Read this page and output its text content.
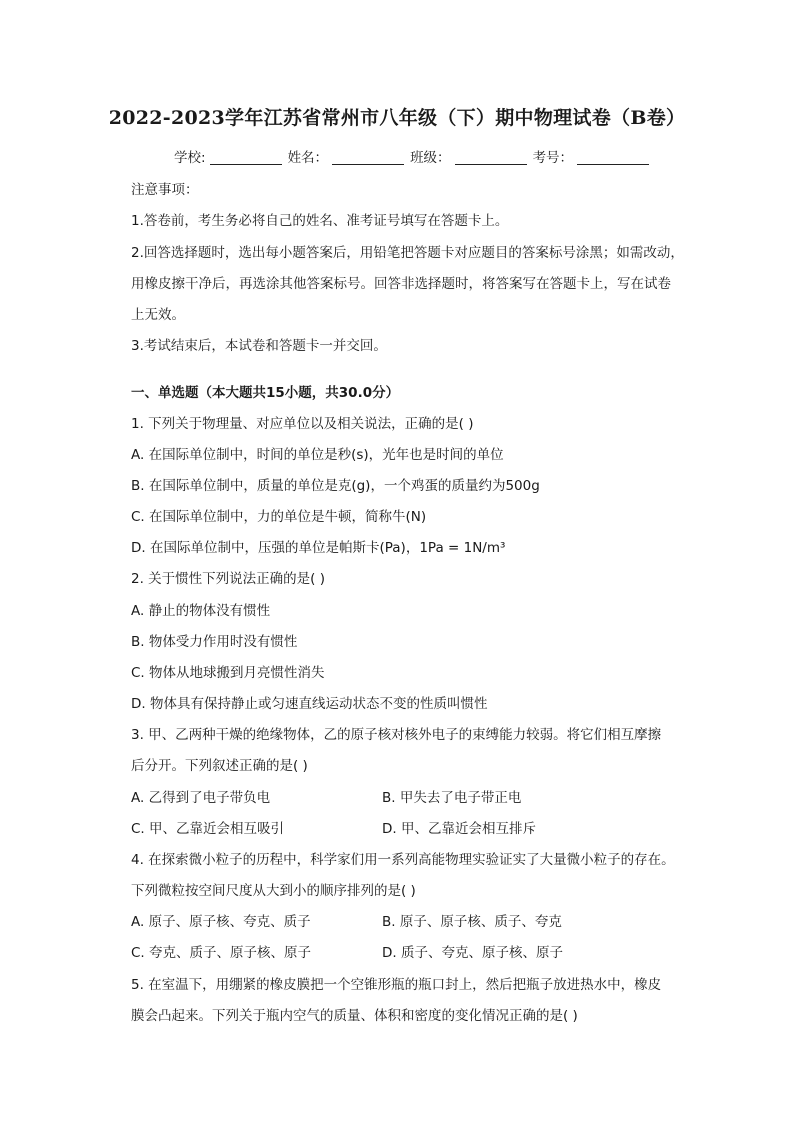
2022-2023学年江苏省常州市八年级（下）期中物理试卷（B卷）
学校:	姓名：	班级：	考号：
注意事项：
1.答卷前，考生务必将自己的姓名、准考证号填写在答题卡上。
2.回答选择题时，选出每小题答案后，用铅笔把答题卡对应题目的答案标号涂黑；如需改动，
用橡皮擦干净后，再选涂其他答案标号。回答非选择题时，将答案写在答题卡上，写在试卷
上无效。
3.考试结束后，本试卷和答题卡一并交回。
一、单选题（本大题共15小题，共30.0分）
1. 下列关于物理量、对应单位以及相关说法，正确的是( )
A. 在国际单位制中，时间的单位是秒(s)，光年也是时间的单位
B. 在国际单位制中，质量的单位是克(g)，一个鸡蛋的质量约为500g
C. 在国际单位制中，力的单位是牛顿，简称牛(N)
D. 在国际单位制中，压强的单位是帕斯卡(Pa)，1Pa = 1N/m³
2. 关于惯性下列说法正确的是( )
A. 静止的物体没有惯性
B. 物体受力作用时没有惯性
C. 物体从地球搬到月亮惯性消失
D. 物体具有保持静止或匀速直线运动状态不变的性质叫惯性
3. 甲、乙两种干燥的绝缘物体，乙的原子核对核外电子的束缚能力较弱。将它们相互摩擦
后分开。下列叙述正确的是( )
A. 乙得到了电子带负电	B. 甲失去了电子带正电
C. 甲、乙靠近会相互吸引	D. 甲、乙靠近会相互排斥
4. 在探索微小粒子的历程中，科学家们用一系列高能物理实验证实了大量微小粒子的存在。
下列微粒按空间尺度从大到小的顺序排列的是( )
A. 原子、原子核、夸克、质子	B. 原子、原子核、质子、夸克
C. 夸克、质子、原子核、原子	D. 质子、夸克、原子核、原子
5. 在室温下，用绷紧的橡皮膜把一个空锥形瓶的瓶口封上，然后把瓶子放进热水中，橡皮
膜会凸起来。下列关于瓶内空气的质量、体积和密度的变化情况正确的是( )
